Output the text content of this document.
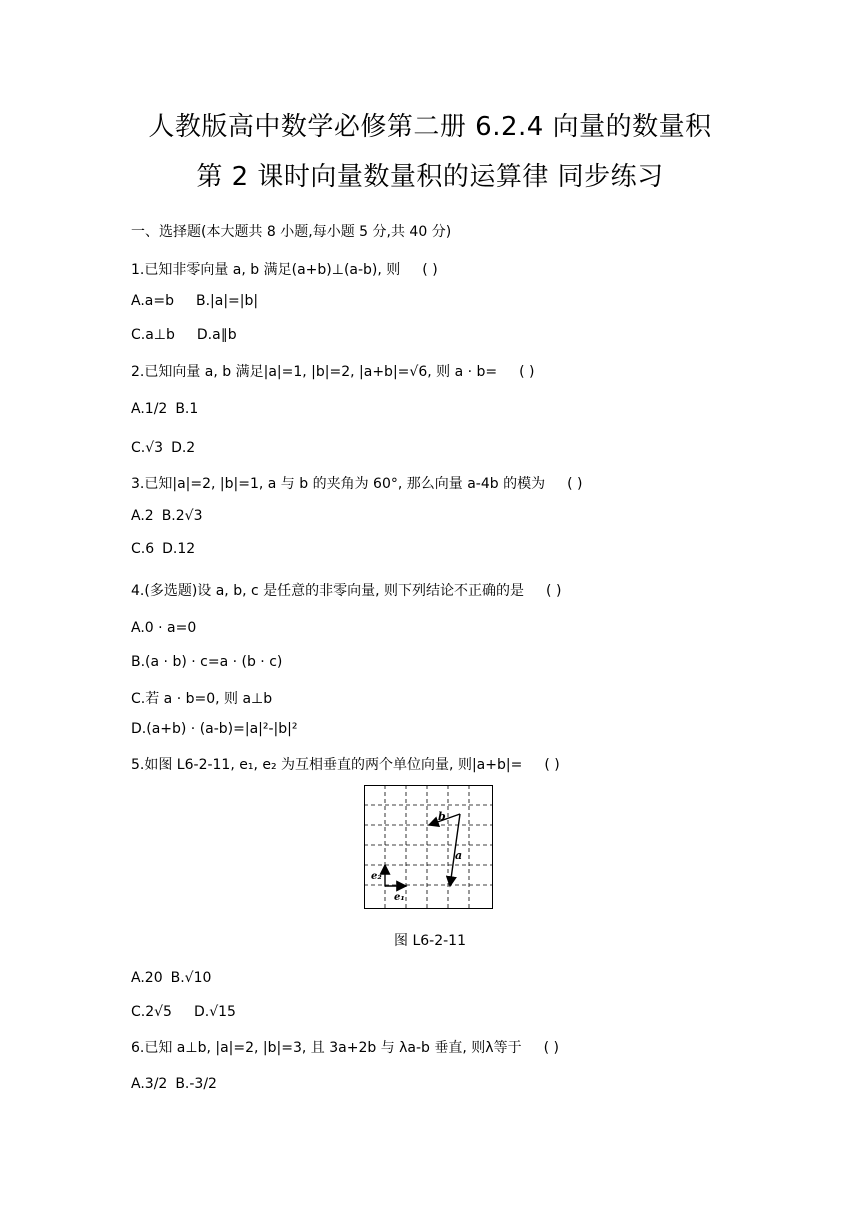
人教版高中数学必修第二册 6.2.4 向量的数量积
第 2 课时向量数量积的运算律 同步练习
一、选择题(本大题共 8 小题,每小题 5 分,共 40 分)
1.已知非零向量 a, b 满足(a+b)⊥(a-b), 则 ( )
A.a=b B.|a|=|b|
C.a⊥b D.a∥b
2.已知向量 a, b 满足|a|=1, |b|=2, |a+b|=√6, 则 a · b= ( )
A.1/2 B.1
C.√3 D.2
3.已知|a|=2, |b|=1, a 与 b 的夹角为 60°, 那么向量 a-4b 的模为 ( )
A.2 B.2√3
C.6 D.12
4.(多选题)设 a, b, c 是任意的非零向量, 则下列结论不正确的是 ( )
A.0 · a=0
B.(a · b) · c=a · (b · c)
C.若 a · b=0, 则 a⊥b
D.(a+b) · (a-b)=|a|²-|b|²
5.如图 L6-2-11, e₁, e₂ 为互相垂直的两个单位向量, 则|a+b|= ( )
b
a
e₁
e₂
图 L6-2-11
A.20 B.√10
C.2√5 D.√15
6.已知 a⊥b, |a|=2, |b|=3, 且 3a+2b 与 λa-b 垂直, 则λ等于 ( )
A.3/2 B.-3/2
